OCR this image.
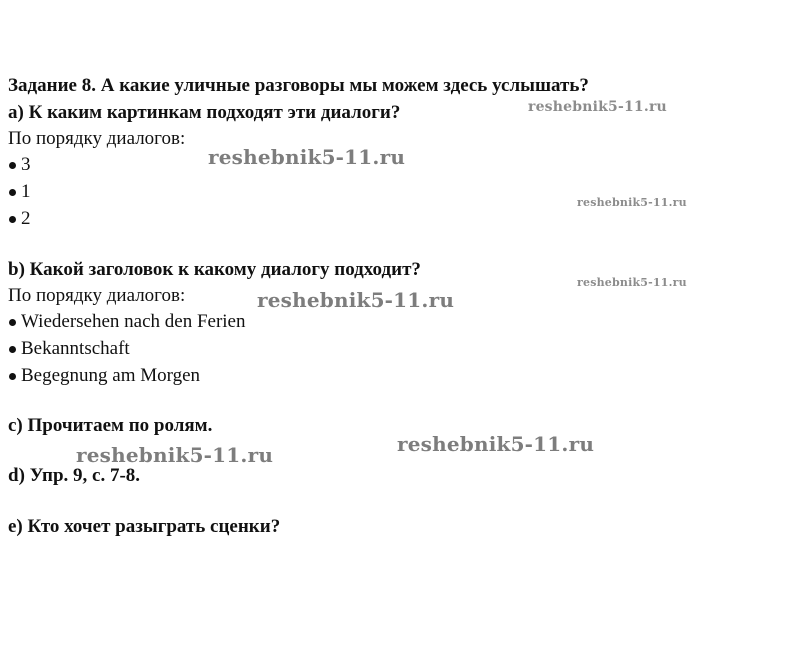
Задание 8. А какие уличные разговоры мы можем здесь услышать?
а) К каким картинкам подходят эти диалоги?
По порядку диалогов:
3
1
2
b) Какой заголовок к какому диалогу подходит?
По порядку диалогов:
Wiedersehen nach den Ferien
Bekanntschaft
Begegnung am Morgen
c) Прочитаем по ролям.
d) Упр. 9, с. 7-8.
e) Кто хочет разыграть сценки?
reshebnik5-11.ru
reshebnik5-11.ru
reshebnik5-11.ru
reshebnik5-11.ru
reshebnik5-11.ru
reshebnik5-11.ru
reshebnik5-11.ru
